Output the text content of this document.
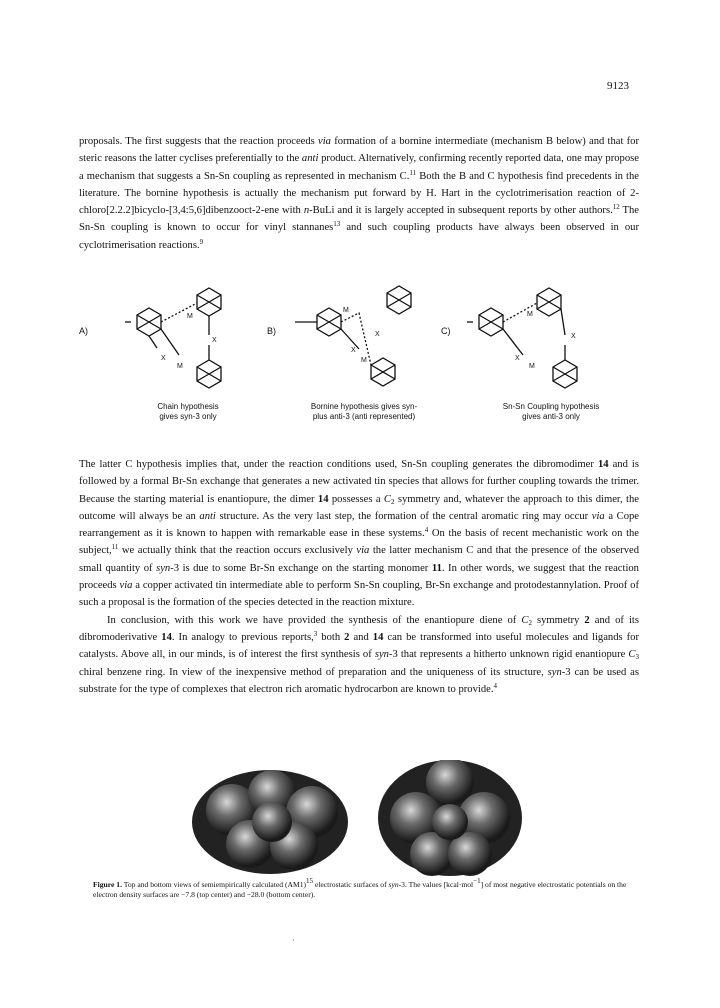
9123

proposals. The first suggests that the reaction proceeds via formation of a bornine intermediate (mechanism B below) and that for steric reasons the latter cyclises preferentially to the anti product. Alternatively, confirming recently reported data, one may propose a mechanism that suggests a Sn-Sn coupling as represented in mechanism C.$^{11}$ Both the B and C hypothesis find precedents in the literature. The bornine hypothesis is actually the mechanism put forward by H. Hart in the cyclotrimerisation reaction of 2-chloro[2.2.2]bicyclo-[3,4:5,6]dibenzooct-2-ene with n-BuLi and it is largely accepted in subsequent reports by other authors.$^{12}$ The Sn-Sn coupling is known to occur for vinyl stannanes$^{13}$ and such coupling products have always been observed in our cyclotrimerisation reactions.$^9$

A)	B)	C)
M
X
X
M
M
X
X
M
M
X
X
M
Chain hypothesis
gives syn-3 only
Bornine hypothesis gives syn-
plus anti-3 (anti represented)
Sn-Sn Coupling hypothesis
gives anti-3 only

The latter C hypothesis implies that, under the reaction conditions used, Sn-Sn coupling generates the dibromodimer 14 and is followed by a formal Br-Sn exchange that generates a new activated tin species that allows for further coupling towards the trimer. Because the starting material is enantiopure, the dimer 14 possesses a $C_2$ symmetry and, whatever the approach to this dimer, the outcome will always be an anti structure. As the very last step, the formation of the central aromatic ring may occur via a Cope rearrangement as it is known to happen with remarkable ease in these systems.$^4$ On the basis of recent mechanistic work on the subject,$^{11}$ we actually think that the reaction occurs exclusively via the latter mechanism C and that the presence of the observed small quantity of syn-3 is due to some Br-Sn exchange on the starting monomer 11. In other words, we suggest that the reaction proceeds via a copper activated tin intermediate able to perform Sn-Sn coupling, Br-Sn exchange and protodestannylation. Proof of such a proposal is the formation of the species detected in the reaction mixture.

In conclusion, with this work we have provided the synthesis of the enantiopure diene of $C_2$ symmetry 2 and of its dibromoderivative 14. In analogy to previous reports,$^3$ both 2 and 14 can be transformed into useful molecules and ligands for catalysts. Above all, in our minds, is of interest the first synthesis of syn-3 that represents a hitherto unknown rigid enantiopure $C_3$ chiral benzene ring. In view of the inexpensive method of preparation and the uniqueness of its structure, syn-3 can be used as substrate for the type of complexes that electron rich aromatic hydrocarbon are known to provide.$^4$

Figure 1. Top and bottom views of semiempirically calculated $(AM1)^{15}$ electrostatic surfaces of syn-3. The values [kcal·mol$^{-1}$] of most negative electrostatic potentials on the electron density surfaces are −7.8 (top center) and −28.0 (bottom center).
·
